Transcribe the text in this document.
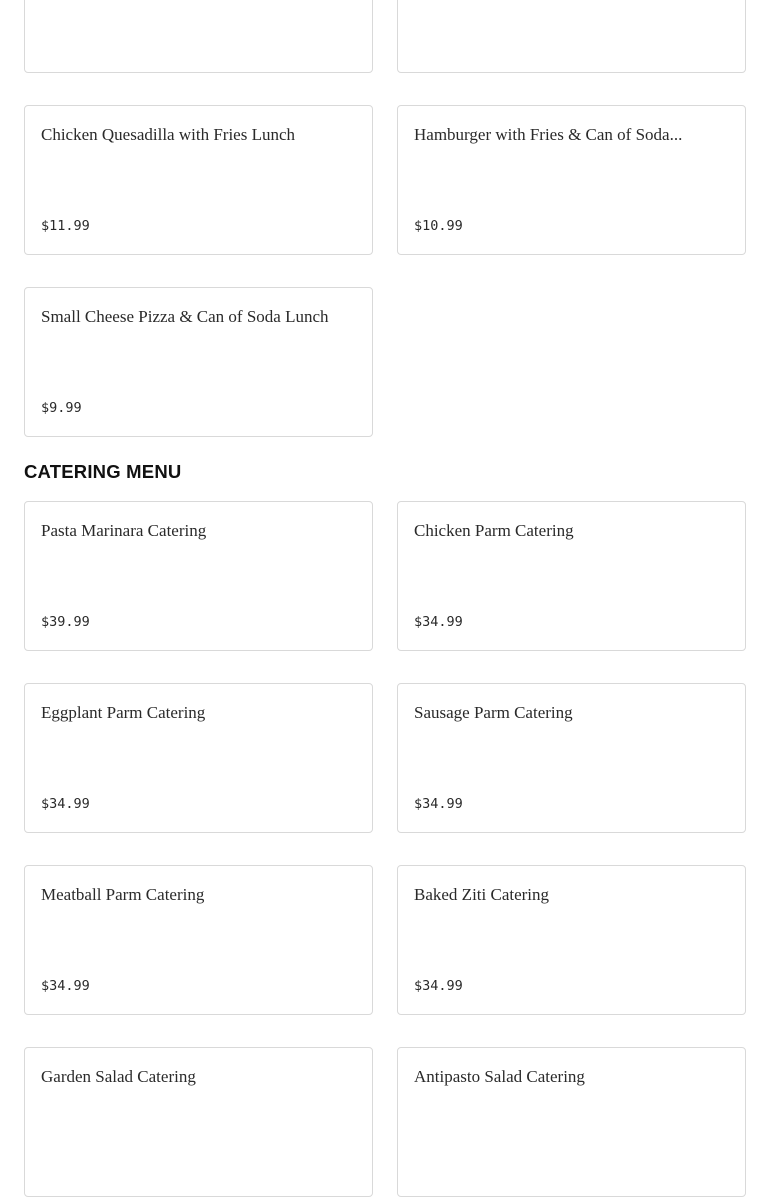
Chicken Quesadilla with Fries Lunch
$11.99
Hamburger with Fries & Can of Soda...
$10.99
Small Cheese Pizza & Can of Soda Lunch
$9.99
CATERING MENU
Pasta Marinara Catering
$39.99
Chicken Parm Catering
$34.99
Eggplant Parm Catering
$34.99
Sausage Parm Catering
$34.99
Meatball Parm Catering
$34.99
Baked Ziti Catering
$34.99
Garden Salad Catering	Antipasto Salad Catering
